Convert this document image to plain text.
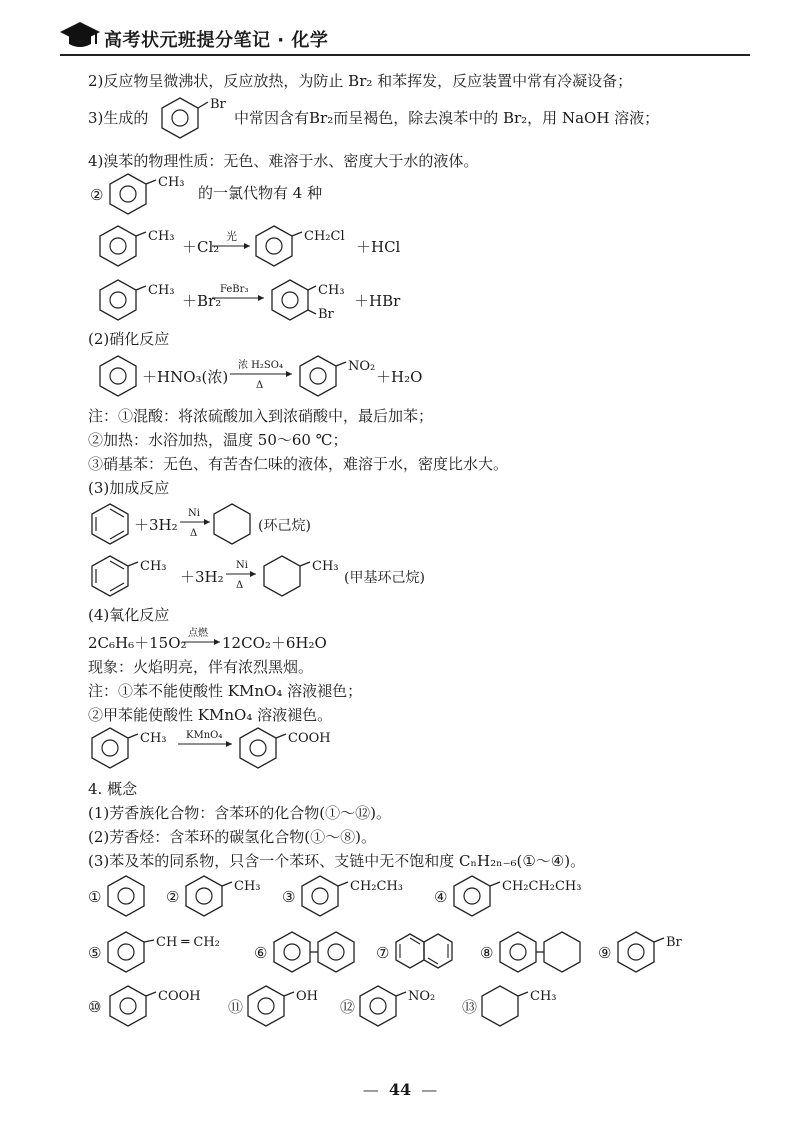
高考状元班提分笔记 · 化学
2)反应物呈微沸状，反应放热，为防止 Br₂ 和苯挥发，反应装置中常有冷凝设备；
3)生成的
Br
中常因含有Br₂而呈褐色，除去溴苯中的 Br₂，用 NaOH 溶液；
4)溴苯的物理性质：无色、难溶于水、密度大于水的液体。
②
CH₃
的一氯代物有 4 种
CH₃
＋Cl₂
光	CH₂Cl
＋HCl
CH₃
＋Br₂
FeBr₃	CH₃
Br
＋HBr
(2)硝化反应
＋HNO₃(浓)
浓 H₂SO₄
Δ
NO₂
＋H₂O
注：①混酸：将浓硫酸加入到浓硝酸中，最后加苯；
②加热：水浴加热，温度 50～60 ℃；
③硝基苯：无色、有苦杏仁味的液体，难溶于水，密度比水大。
(3)加成反应
＋3H₂
Ni
Δ	(环己烷)
CH₃
＋3H₂
Ni
Δ
CH₃
(甲基环己烷)
(4)氧化反应
2C₆H₆＋15O₂
点燃
12CO₂＋6H₂O
现象：火焰明亮，伴有浓烈黑烟。
注：①苯不能使酸性 KMnO₄ 溶液褪色；
②甲苯能使酸性 KMnO₄ 溶液褪色。
CH₃ KMnO₄	COOH
4. 概念
(1)芳香族化合物：含苯环的化合物(①～⑫)。
(2)芳香烃：含苯环的碳氢化合物(①～⑧)。
(3)苯及苯的同系物，只含一个苯环、支链中无不饱和度 CₙH₂ₙ₋₆(①～④)。
①	②
CH₃
③
CH₂CH₃
④
CH₂CH₂CH₃
⑤
CH ═ CH₂
⑥	⑦	⑧	⑨
Br
⑩
COOH
⑪
OH
⑫
NO₂
⑬
CH₃
— 44 —
